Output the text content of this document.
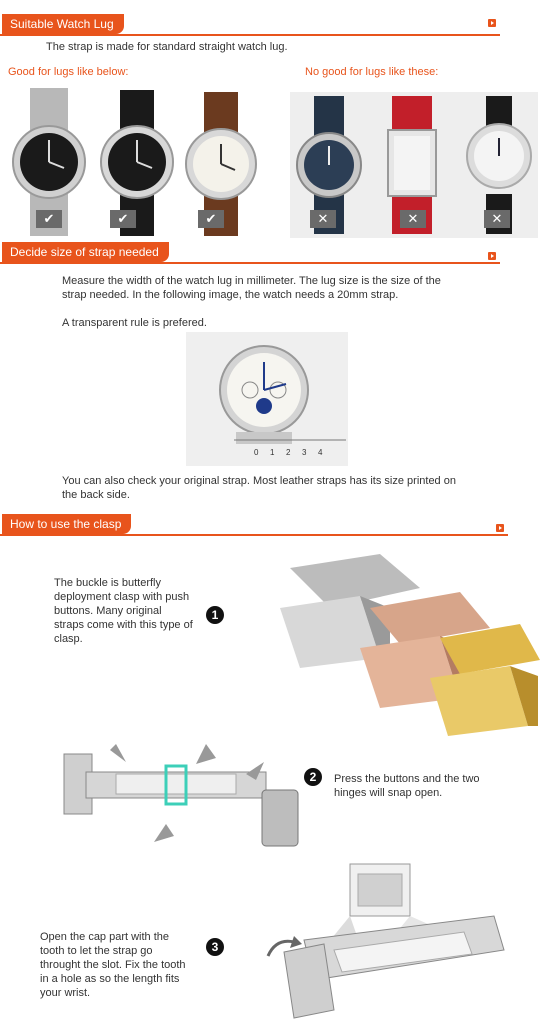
Suitable Watch Lug
The strap is made for standard straight watch lug.
Good for lugs like below:	No good for lugs like these:
✔	✔	✔	✕	✕	✕
Decide size of strap needed
Measure the width of the watch lug in millimeter. The lug size is the size of the strap needed. In the following image, the watch needs a 20mm strap.
A transparent rule is prefered.
0 1 2 3 4
You can also check your original strap. Most leather straps has its size printed on the back side.
How to use the clasp
The buckle is butterfly deployment clasp with push buttons. Many original straps come with this type of clasp.
1
2	Press the buttons and the two hinges will snap open.
Open the cap part with the tooth to let the strap go throught the slot. Fix the tooth in a hole as so the length fits your wrist.
3
